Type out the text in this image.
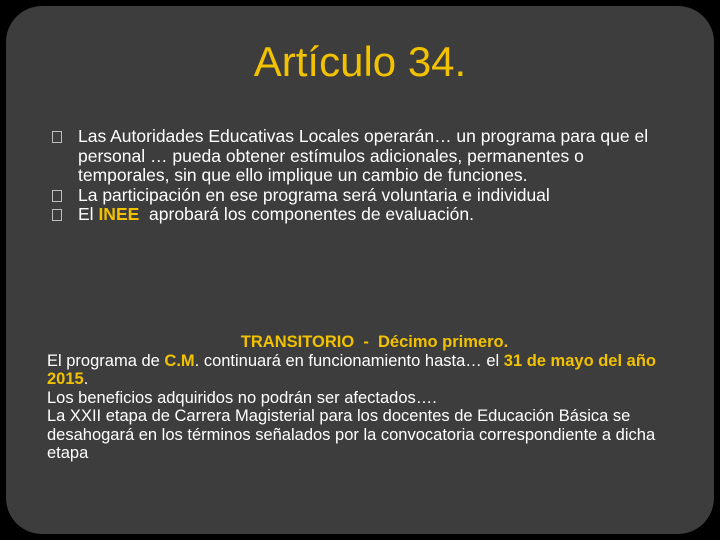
Artículo 34.
Las Autoridades Educativas Locales operarán… un programa para que el personal … pueda obtener estímulos adicionales, permanentes o temporales, sin que ello implique un cambio de funciones.
La participación en ese programa será voluntaria e individual
El INEE  aprobará los componentes de evaluación.
TRANSITORIO  -  Décimo primero.
El programa de C.M. continuará en funcionamiento hasta… el 31 de mayo del año 2015.
Los beneficios adquiridos no podrán ser afectados….
La XXII etapa de Carrera Magisterial para los docentes de Educación Básica se desahogará en los términos señalados por la convocatoria correspondiente a dicha etapa
